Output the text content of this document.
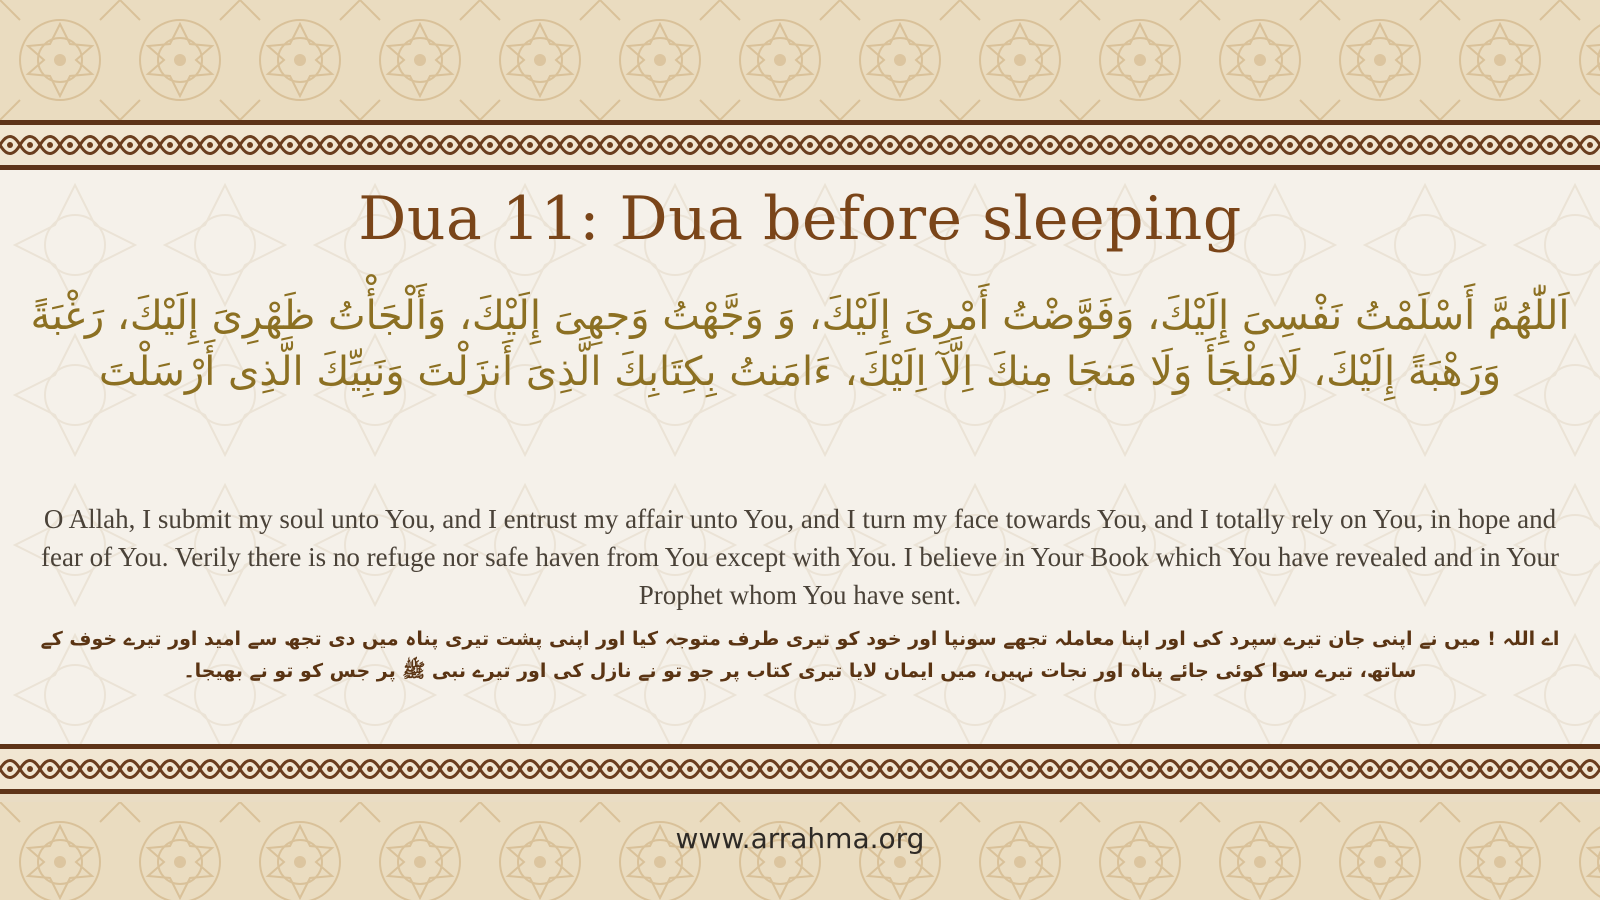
Dua 11: Dua before sleeping
اَللّٰهُمَّ أَسْلَمْتُ نَفْسِىَ إِلَيْكَ، وَفَوَّضْتُ أَمْرِىَ إِلَيْكَ، وَ وَجَّهْتُ وَجهِىَ إِلَيْكَ، وَأَلْجَأْتُ ظَهْرِىَ إِلَيْكَ، رَغْبَةً وَرَهْبَةً إِلَيْكَ، لَامَلْجَأَ وَلَا مَنجَا مِنكَ اِلَّآ اِلَيْكَ، ءَامَنتُ بِكِتَابِكَ الَّذِىَ أَنزَلْتَ وَنَبِيِّكَ الَّذِى أَرْسَلْتَ
O Allah, I submit my soul unto You, and I entrust my affair unto You, and I turn my face towards You, and I totally rely on You, in hope and fear of You. Verily there is no refuge nor safe haven from You except with You. I believe in Your Book which You have revealed and in Your Prophet whom You have sent.
اے اللہ ! میں نے اپنی جان تیرے سپرد کی اور اپنا معاملہ تجھے سونپا اور خود کو تیری طرف متوجہ کیا اور اپنی پشت تیری پناہ میں دی تجھ سے امید اور تیرے خوف کے ساتھ، تیرے سوا کوئی جائے پناہ اور نجات نہیں، میں ایمان لایا تیری کتاب پر جو تو نے نازل کی اور تیرے نبی ﷺ پر جس کو تو نے بھیجا۔
www.arrahma.org
